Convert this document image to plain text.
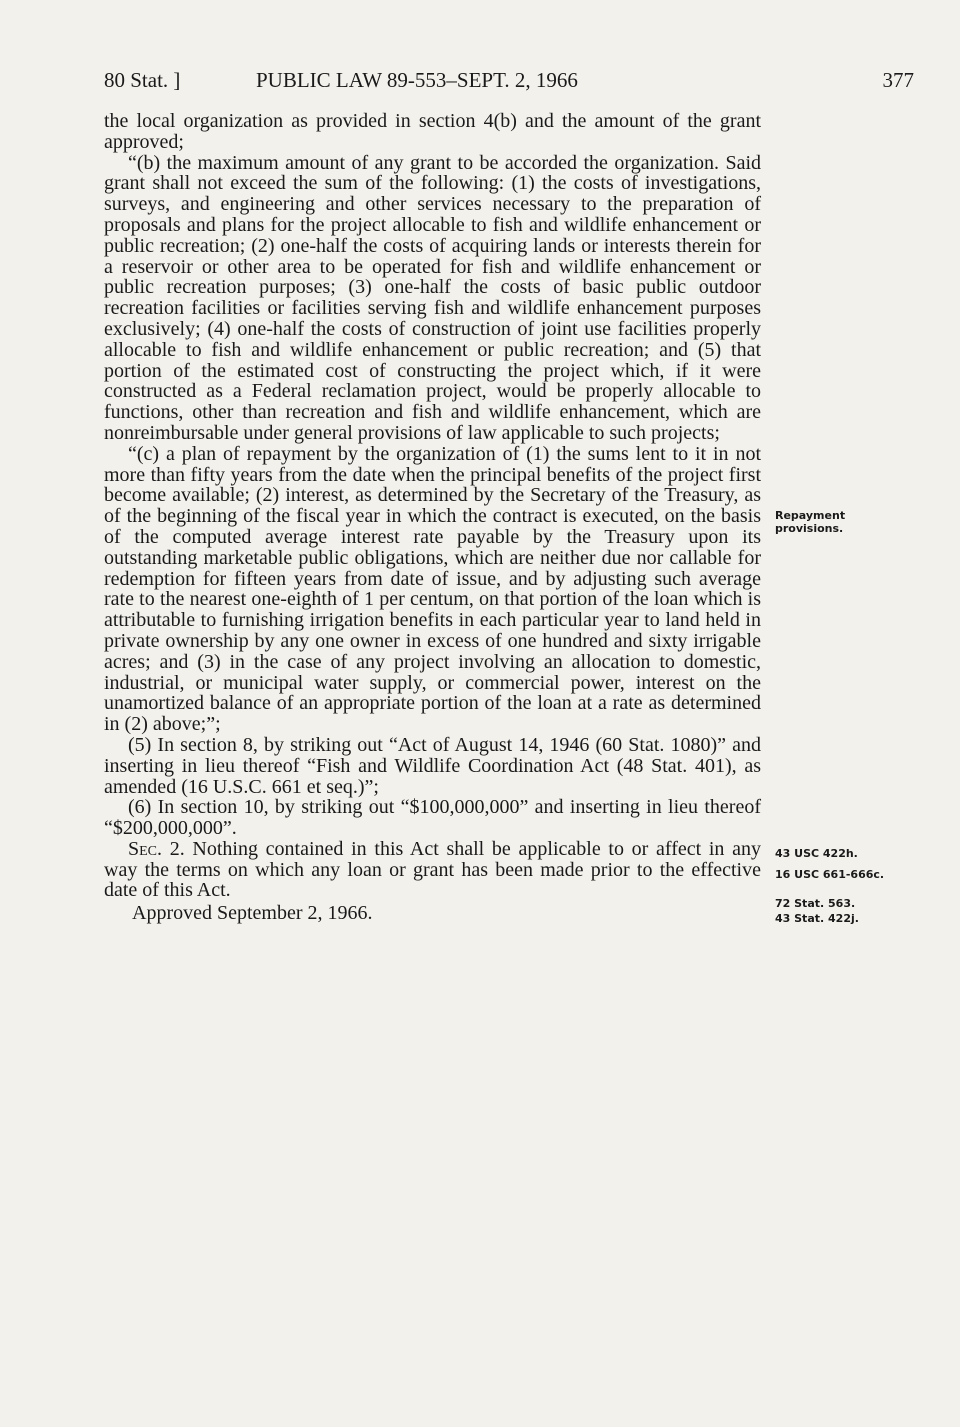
80 Stat. ]	PUBLIC LAW 89-553–SEPT. 2, 1966	377

the local organization as provided in section 4(b) and the amount of the grant approved;

“(b) the maximum amount of any grant to be accorded the organization. Said grant shall not exceed the sum of the following: (1) the costs of investigations, surveys, and engineering and other services necessary to the preparation of proposals and plans for the project allocable to fish and wildlife enhancement or public recreation; (2) one-half the costs of acquiring lands or interests therein for a reservoir or other area to be operated for fish and wildlife enhancement or public recreation purposes; (3) one-half the costs of basic public outdoor recreation facilities or facilities serving fish and wildlife enhancement purposes exclusively; (4) one-half the costs of construction of joint use facilities properly allocable to fish and wildlife enhancement or public recreation; and (5) that portion of the estimated cost of constructing the project which, if it were constructed as a Federal reclamation project, would be properly allocable to functions, other than recreation and fish and wildlife enhancement, which are nonreimbursable under general provisions of law applicable to such projects;

“(c) a plan of repayment by the organization of (1) the sums lent to it in not more than fifty years from the date when the principal benefits of the project first become available; (2) interest, as determined by the Secretary of the Treasury, as of the beginning of the fiscal year in which the contract is executed, on the basis of the computed average interest rate payable by the Treasury upon its outstanding marketable public obligations, which are neither due nor callable for redemption for fifteen years from date of issue, and by adjusting such average rate to the nearest one-eighth of 1 per centum, on that portion of the loan which is attributable to furnishing irrigation benefits in each particular year to land held in private ownership by any one owner in excess of one hundred and sixty irrigable acres; and (3) in the case of any project involving an allocation to domestic, industrial, or municipal water supply, or commercial power, interest on the unamortized balance of an appropriate portion of the loan at a rate as determined in (2) above;”;

(5) In section 8, by striking out “Act of August 14, 1946 (60 Stat. 1080)” and inserting in lieu thereof “Fish and Wildlife Coordination Act (48 Stat. 401), as amended (16 U.S.C. 661 et seq.)”;

(6) In section 10, by striking out “$100,000,000” and inserting in lieu thereof “$200,000,000”.

Sec. 2. Nothing contained in this Act shall be applicable to or affect in any way the terms on which any loan or grant has been made prior to the effective date of this Act.

Approved September 2, 1966.

Repayment provisions.
43 USC 422h.
16 USC 661-666c.
72 Stat. 563.
43 Stat. 422j.
